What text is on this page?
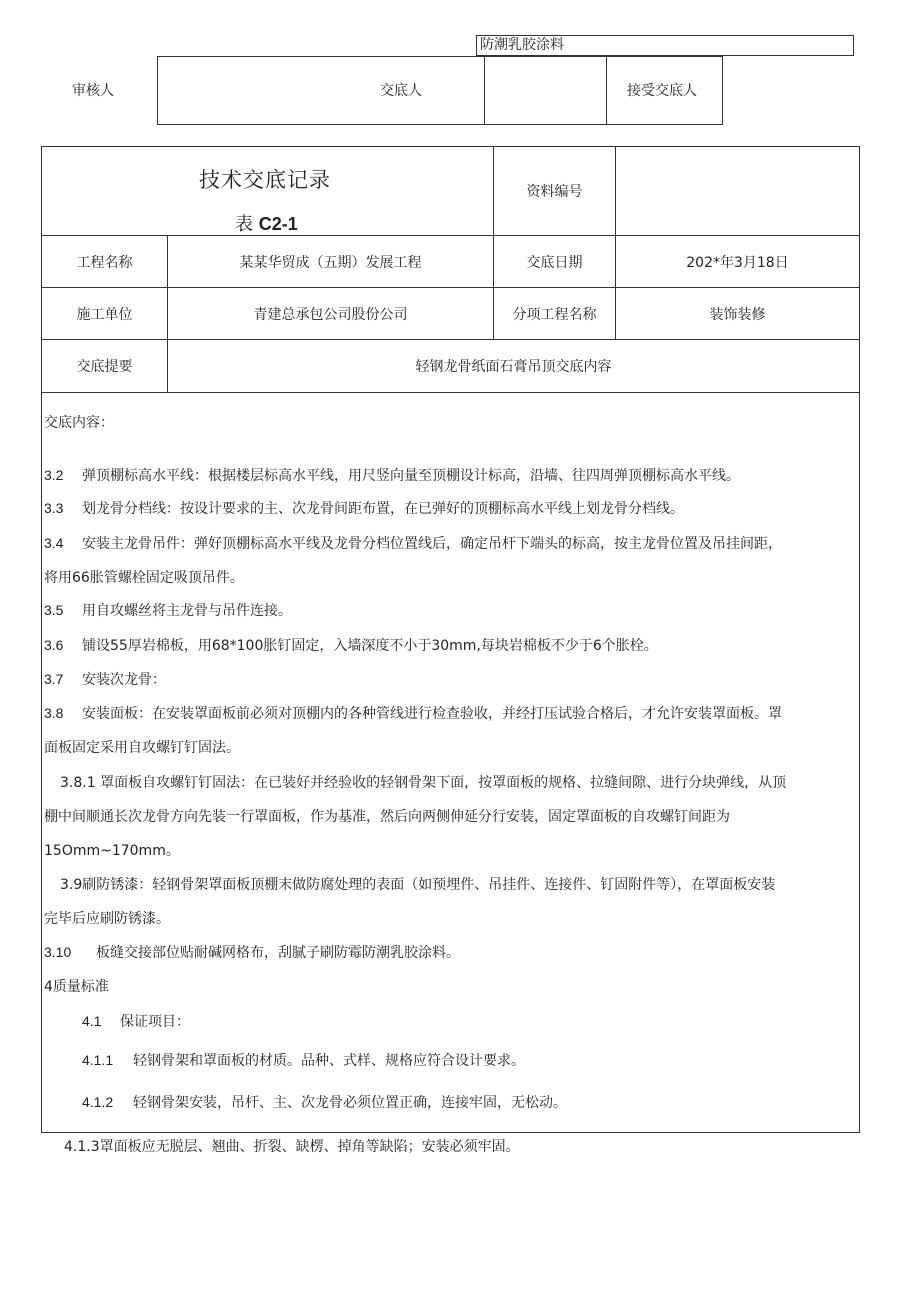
防潮乳胶涂料
审核人	交底人	接受交底人
技术交底记录
表 C2-1
资料编号
工程名称	某某华贸成（五期）发展工程	交底日期	202*年3月18日
施工单位	青建总承包公司股份公司	分项工程名称	装饰装修
交底提要	轻钢龙骨纸面石膏吊顶交底内容
交底内容：
3.2 弹顶棚标高水平线：根据楼层标高水平线，用尺竖向量至顶棚设计标高，沿墙、往四周弹顶棚标高水平线。
3.3 划龙骨分档线：按设计要求的主、次龙骨间距布置，在已弹好的顶棚标高水平线上划龙骨分档线。
3.4 安装主龙骨吊件：弹好顶棚标高水平线及龙骨分档位置线后，确定吊杆下端头的标高，按主龙骨位置及吊挂间距，
将用66胀管螺栓固定吸顶吊件。
3.5 用自攻螺丝将主龙骨与吊件连接。
3.6 铺设55厚岩棉板，用68*100胀钉固定，入墙深度不小于30mm,每块岩棉板不少于6个胀栓。
3.7 安装次龙骨：
3.8 安装面板：在安装罩面板前必须对顶棚内的各种管线进行检查验收，并经打压试验合格后，才允许安装罩面板。罩
面板固定采用自攻螺钉钉固法。
3.8.1 罩面板自攻螺钉钉固法：在已装好并经验收的轻钢骨架下面，按罩面板的规格、拉缝间隙、进行分块弹线，从顶
棚中间顺通长次龙骨方向先装一行罩面板，作为基准，然后向两侧伸延分行安装，固定罩面板的自攻螺钉间距为
15Omm~170mm。
3.9刷防锈漆：轻钢骨架罩面板顶棚末做防腐处理的表面（如预埋件、吊挂件、连接件、钉固附件等），在罩面板安装
完毕后应刷防锈漆。
3.10 板缝交接部位贴耐碱网格布，刮腻子刷防霉防潮乳胶涂料。
4质量标准
4.1 保证项目：
4.1.1 轻钢骨架和罩面板的材质。品种、式样、规格应符合设计要求。
4.1.2 轻钢骨架安装，吊杆、主、次龙骨必须位置正确，连接牢固，无松动。
4.1.3罩面板应无脱层、翘曲、折裂、缺楞、掉角等缺陷；安装必须牢固。
